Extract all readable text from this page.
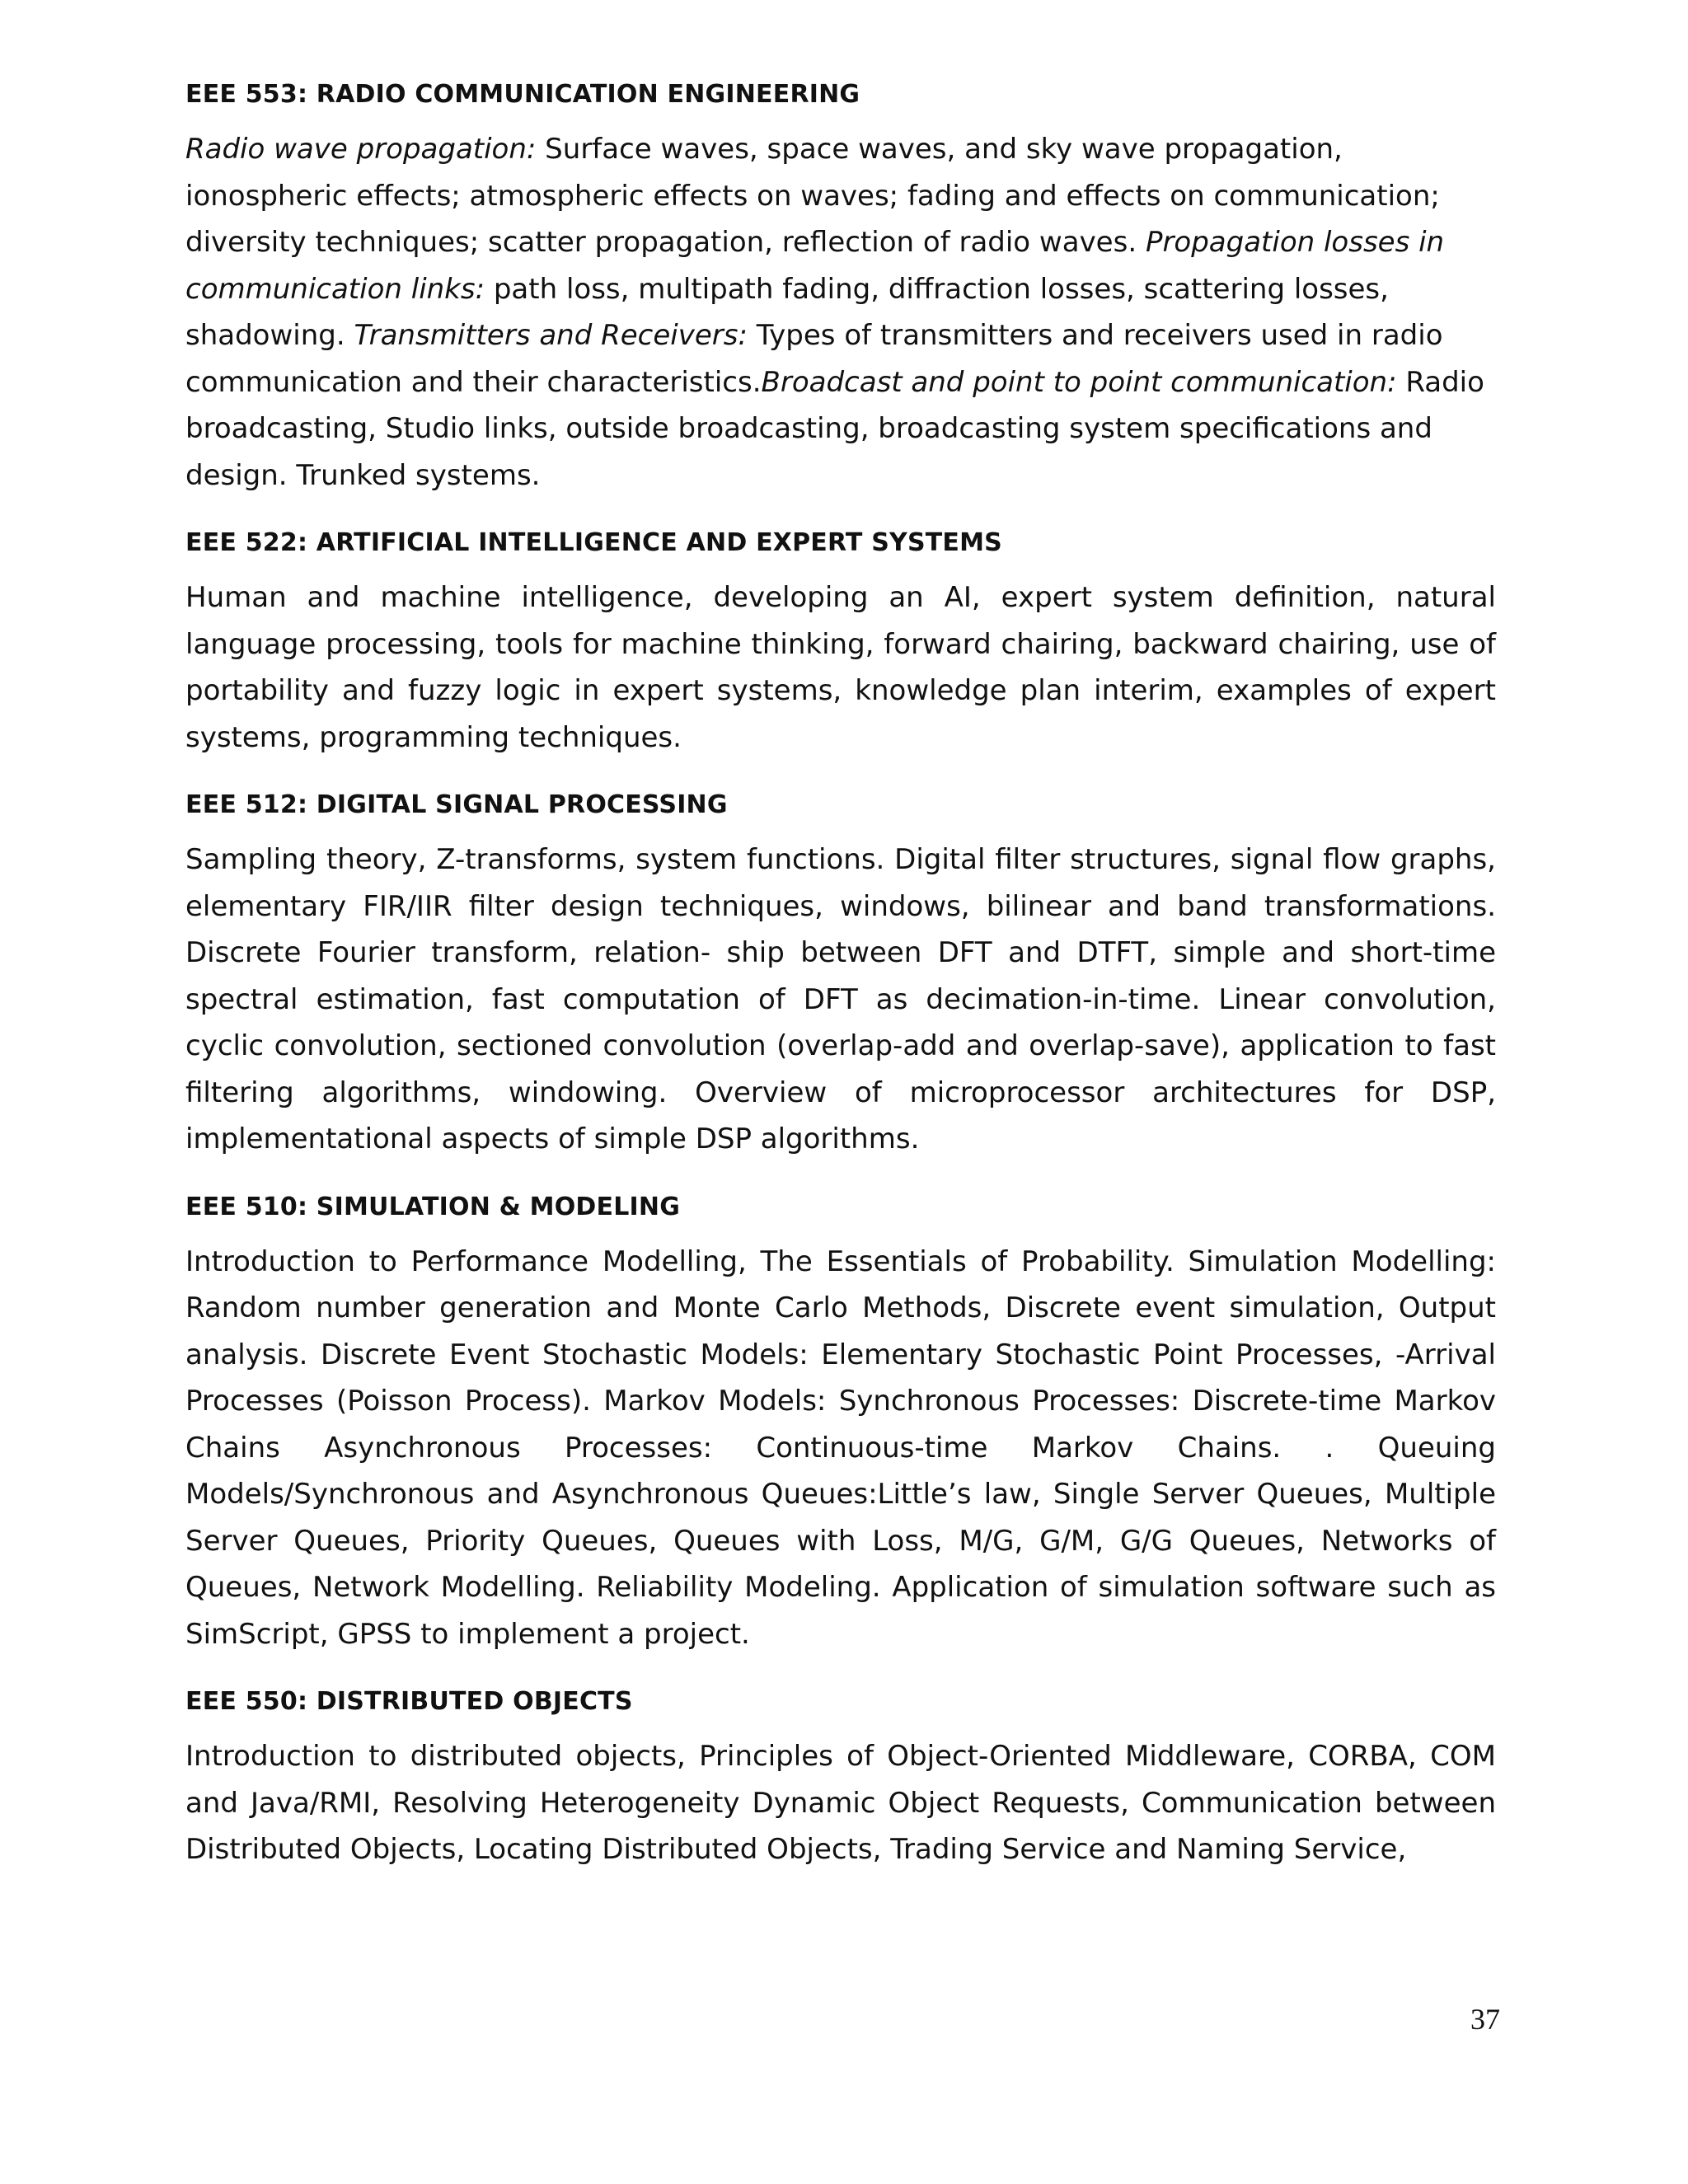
EEE 553: RADIO COMMUNICATION ENGINEERING

Radio wave propagation: Surface waves, space waves, and sky wave propagation, ionospheric effects; atmospheric effects on waves; fading and effects on communication; diversity techniques; scatter propagation, reflection of radio waves. Propagation losses in communication links: path loss, multipath fading, diffraction losses, scattering losses, shadowing. Transmitters and Receivers: Types of transmitters and receivers used in radio communication and their characteristics.Broadcast and point to point communication: Radio broadcasting, Studio links, outside broadcasting, broadcasting system specifications and design. Trunked systems.

EEE 522: ARTIFICIAL INTELLIGENCE AND EXPERT SYSTEMS

Human and machine intelligence, developing an AI, expert system definition, natural language processing, tools for machine thinking, forward chairing, backward chairing, use of portability and fuzzy logic in expert systems, knowledge plan interim, examples of expert systems, programming techniques.

EEE 512: DIGITAL SIGNAL PROCESSING

Sampling theory, Z-transforms, system functions. Digital filter structures, signal flow graphs, elementary FIR/IIR filter design techniques, windows, bilinear and band transformations. Discrete Fourier transform, relation- ship between DFT and DTFT, simple and short-time spectral estimation, fast computation of DFT as decimation-in-time. Linear convolution, cyclic convolution, sectioned convolution (overlap-add and overlap-save), application to fast filtering algorithms, windowing. Overview of microprocessor architectures for DSP, implementational aspects of simple DSP algorithms.

EEE 510: SIMULATION & MODELING

Introduction to Performance Modelling, The Essentials of Probability. Simulation Modelling: Random number generation and Monte Carlo Methods, Discrete event simulation, Output analysis. Discrete Event Stochastic Models: Elementary Stochastic Point Processes, -Arrival Processes (Poisson Process). Markov Models: Synchronous Processes: Discrete-time Markov Chains Asynchronous Processes: Continuous-time Markov Chains. . Queuing Models/Synchronous and Asynchronous Queues:Little’s law, Single Server Queues, Multiple Server Queues, Priority Queues, Queues with Loss, M/G, G/M, G/G Queues, Networks of Queues, Network Modelling. Reliability Modeling. Application of simulation software such as SimScript, GPSS to implement a project.

EEE 550: DISTRIBUTED OBJECTS

Introduction to distributed objects, Principles of Object-Oriented Middleware, CORBA, COM and Java/RMI, Resolving Heterogeneity Dynamic Object Requests, Communication between Distributed Objects, Locating Distributed Objects, Trading Service and Naming Service,

37
